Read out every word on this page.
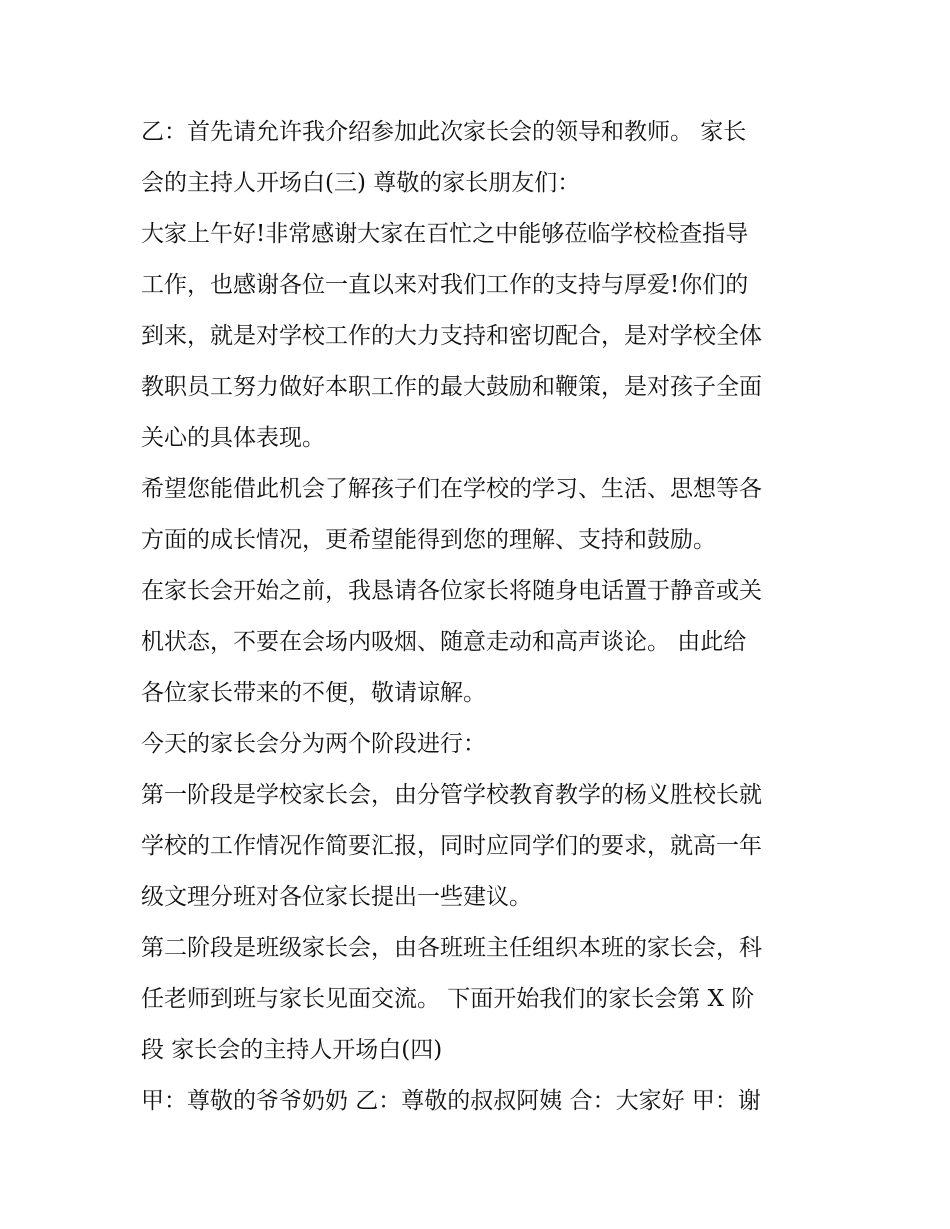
乙：首先请允许我介绍参加此次家长会的领导和教师。 家长
会的主持人开场白(三) 尊敬的家长朋友们：
大家上午好!非常感谢大家在百忙之中能够莅临学校检查指导
工作，也感谢各位一直以来对我们工作的支持与厚爱!你们的
到来，就是对学校工作的大力支持和密切配合，是对学校全体
教职员工努力做好本职工作的最大鼓励和鞭策，是对孩子全面
关心的具体表现。
希望您能借此机会了解孩子们在学校的学习、生活、思想等各
方面的成长情况，更希望能得到您的理解、支持和鼓励。
在家长会开始之前，我恳请各位家长将随身电话置于静音或关
机状态，不要在会场内吸烟、随意走动和高声谈论。 由此给
各位家长带来的不便，敬请谅解。
今天的家长会分为两个阶段进行：
第一阶段是学校家长会，由分管学校教育教学的杨义胜校长就
学校的工作情况作简要汇报，同时应同学们的要求，就高一年
级文理分班对各位家长提出一些建议。
第二阶段是班级家长会，由各班班主任组织本班的家长会，科
任老师到班与家长见面交流。 下面开始我们的家长会第 X 阶
段 家长会的主持人开场白(四)
甲：尊敬的爷爷奶奶 乙：尊敬的叔叔阿姨 合：大家好 甲：谢
